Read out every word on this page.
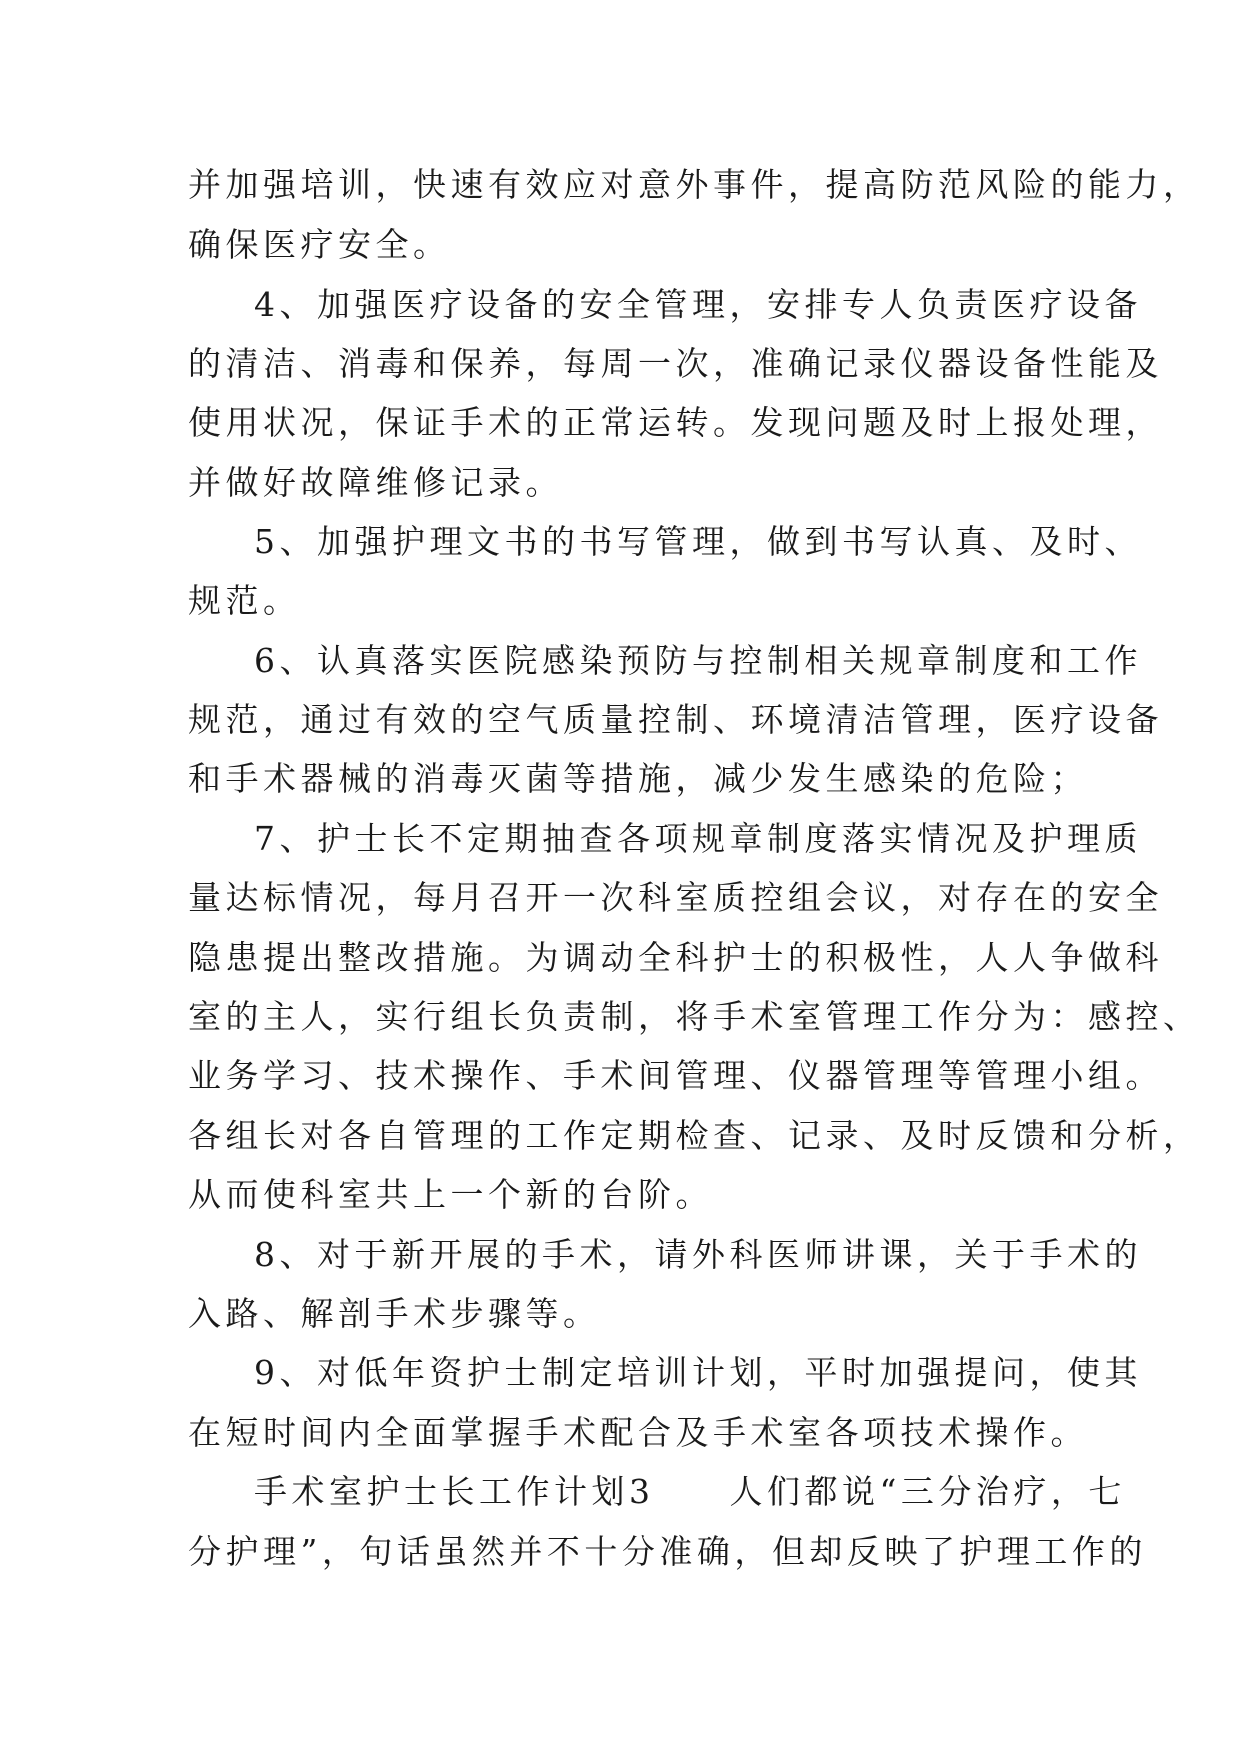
并加强培训，快速有效应对意外事件，提高防范风险的能力，
确保医疗安全。
4、加强医疗设备的安全管理，安排专人负责医疗设备
的清洁、消毒和保养，每周一次，准确记录仪器设备性能及
使用状况，保证手术的正常运转。发现问题及时上报处理，
并做好故障维修记录。
5、加强护理文书的书写管理，做到书写认真、及时、
规范。
6、认真落实医院感染预防与控制相关规章制度和工作
规范，通过有效的空气质量控制、环境清洁管理，医疗设备
和手术器械的消毒灭菌等措施，减少发生感染的危险；
7、护士长不定期抽查各项规章制度落实情况及护理质
量达标情况，每月召开一次科室质控组会议，对存在的安全
隐患提出整改措施。为调动全科护士的积极性，人人争做科
室的主人，实行组长负责制，将手术室管理工作分为：感控、
业务学习、技术操作、手术间管理、仪器管理等管理小组。
各组长对各自管理的工作定期检查、记录、及时反馈和分析，
从而使科室共上一个新的台阶。
8、对于新开展的手术，请外科医师讲课，关于手术的
入路、解剖手术步骤等。
9、对低年资护士制定培训计划，平时加强提问，使其
在短时间内全面掌握手术配合及手术室各项技术操作。
手术室护士长工作计划3　　人们都说“三分治疗，七
分护理”，句话虽然并不十分准确，但却反映了护理工作的
